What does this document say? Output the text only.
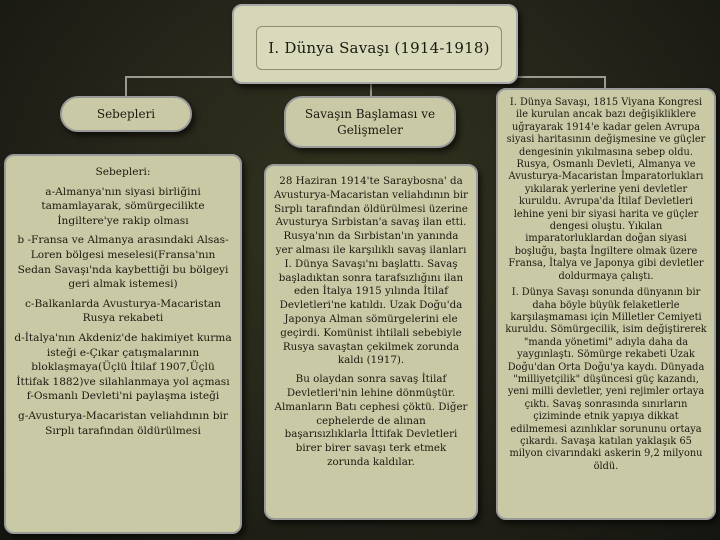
I. Dünya Savaşı (1914-1918)
Sebepleri

Sebepleri:

a-Almanya'nın siyasi birliğini tamamlayarak, sömürgecilikte İngiltere'ye rakip olması

b -Fransa ve Almanya arasındaki Alsas-Loren bölgesi meselesi(Fransa'nın Sedan Savaşı'nda kaybettiği bu bölgeyi geri almak istemesi)

c-Balkanlarda Avusturya-Macaristan Rusya rekabeti

d-İtalya'nın Akdeniz'de hakimiyet kurma isteği e-Çıkar çatışmalarının bloklaşmaya(Üçlü İtilaf 1907,Üçlü İttifak 1882)ve silahlanmaya yol açması f-Osmanlı Devleti'ni paylaşma isteği

g-Avusturya-Macaristan veliahdının bir Sırplı tarafından öldürülmesi

Savaşın Başlaması ve Gelişmeler

28 Haziran 1914'te Saraybosna' da Avusturya-Macaristan veliahdının bir Sırplı tarafından öldürülmesi üzerine Avusturya Sırbistan'a savaş ilan etti. Rusya'nın da Sırbistan'ın yanında yer alması ile karşılıklı savaş ilanları I. Dünya Savaşı'nı başlattı. Savaş başladıktan sonra tarafsızlığını ilan eden İtalya 1915 yılında İtilaf Devletleri'ne katıldı. Uzak Doğu'da Japonya Alman sömürgelerini ele geçirdi. Komünist ihtilali sebebiyle Rusya savaştan çekilmek zorunda kaldı (1917).

Bu olaydan sonra savaş İtilaf Devletleri'nin lehine dönmüştür. Almanların Batı cephesi çöktü. Diğer cephelerde de alınan başarısızlıklarla İttifak Devletleri birer birer savaşı terk etmek zorunda kaldılar.

I. Dünya Savaşı, 1815 Viyana Kongresi ile kurulan ancak bazı değişikliklere uğrayarak 1914'e kadar gelen Avrupa siyasi haritasının değişmesine ve güçler dengesinin yıkılmasına sebep oldu. Rusya, Osmanlı Devleti, Almanya ve Avusturya-Macaristan İmparatorlukları yıkılarak yerlerine yeni devletler kuruldu. Avrupa'da İtilaf Devletleri lehine yeni bir siyasi harita ve güçler dengesi oluştu. Yıkılan imparatorluklardan doğan siyasi boşluğu, başta İngiltere olmak üzere Fransa, İtalya ve Japonya gibi devletler doldurmaya çalıştı.

I. Dünya Savaşı sonunda dünyanın bir daha böyle büyük felaketlerle karşılaşmaması için Milletler Cemiyeti kuruldu. Sömürgecilik, isim değiştirerek "manda yönetimi" adıyla daha da yaygınlaştı. Sömürge rekabeti Uzak Doğu'dan Orta Doğu'ya kaydı. Dünyada "milliyetçilik" düşüncesi güç kazandı, yeni milli devletler, yeni rejimler ortaya çıktı. Savaş sonrasında sınırların çiziminde etnik yapıya dikkat edilmemesi azınlıklar sorununu ortaya çıkardı. Savaşa katılan yaklaşık 65 milyon civarındaki askerin 9,2 milyonu öldü.
